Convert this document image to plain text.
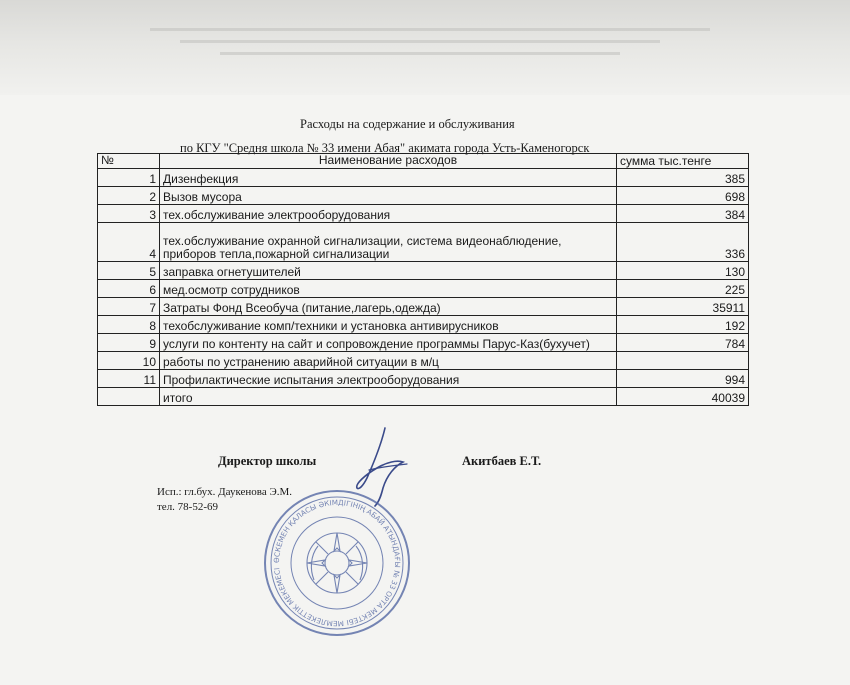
Расходы на содержание и обслуживания
по КГУ "Средня школа № 33 имени Абая" акимата города Усть-Каменогорск
№	Наименование расходов	сумма тыс.тенге
1	Дизенфекция	385
2	Вызов мусора	698
3	тех.обслуживание электрооборудования	384
4	тех.обслуживание охранной сигнализации, система видеонаблюдение,
приборов тепла,пожарной сигнализации	336
5	заправка огнетушителей	130
6	мед.осмотр сотрудников	225
7	Затраты Фонд Всеобуча (питание,лагерь,одежда)	35911
8	техобслуживание комп/техники и установка антивирусников	192
9	услуги по контенту на сайт и сопровождение программы Парус-Каз(бухучет)	784
10	работы по устранению аварийной ситуации в м/ц	
11	Профилактические испытания электрооборудования	994
	итого	40039
Директор школы	Акитбаев Е.Т.
Исп.: гл.бух. Даукенова Э.М.
тел. 78-52-69
ӨСКЕМЕН ҚАЛАСЫ ӘКІМДІГІНІҢ АБАЙ АТЫНДАҒЫ № 33 ОРТА МЕКТЕБІ МЕМЛЕКЕТТІК МЕКЕМЕСІ
